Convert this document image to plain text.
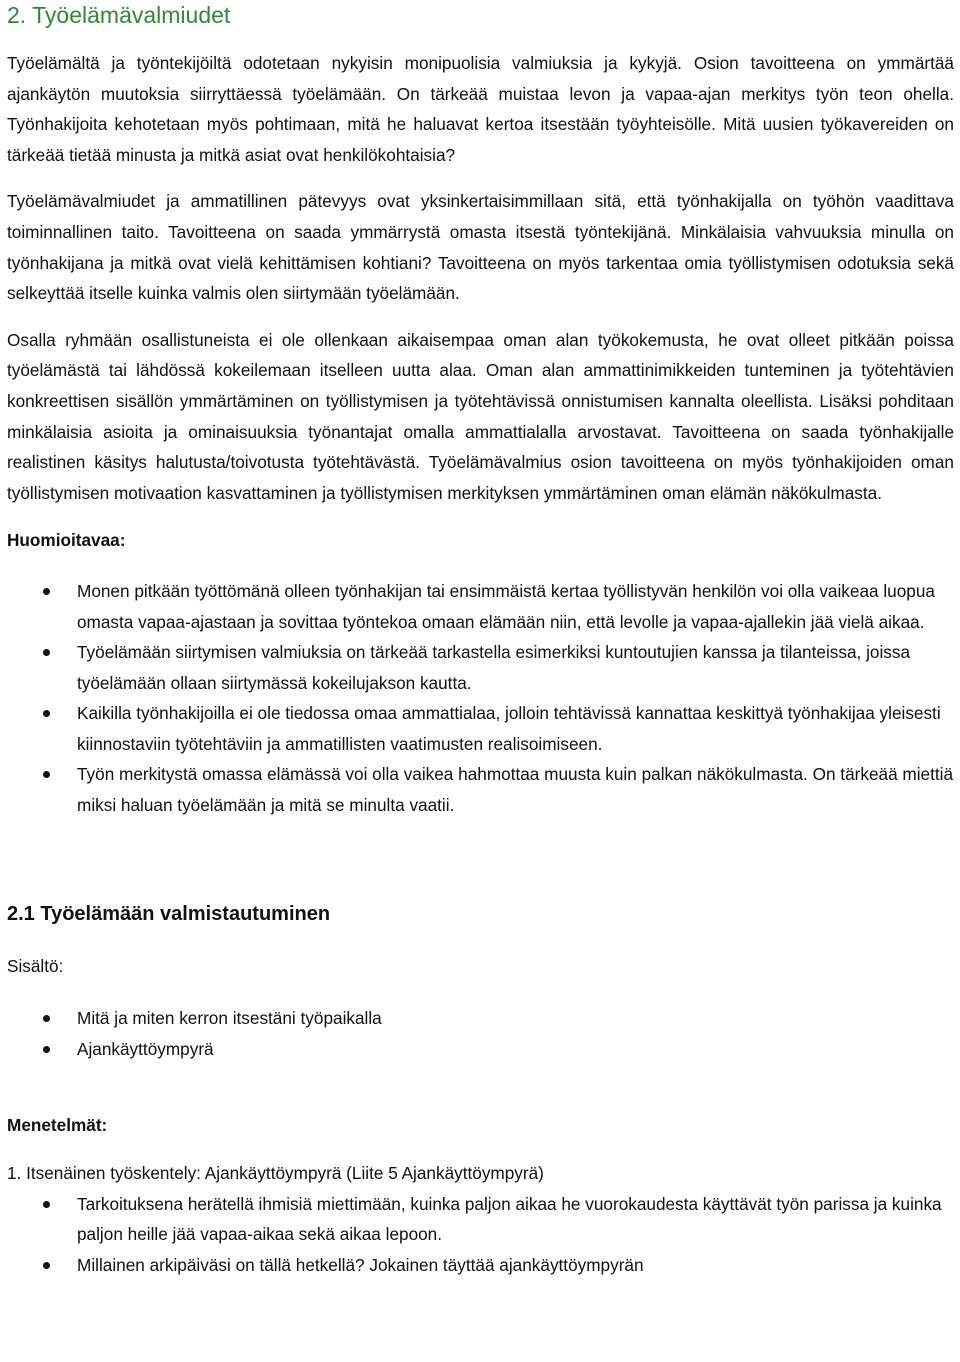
2. Työelämävalmiudet

Työelämältä ja työntekijöiltä odotetaan nykyisin monipuolisia valmiuksia ja kykyjä. Osion tavoitteena on ymmärtää ajankäytön muutoksia siirryttäessä työelämään. On tärkeää muistaa levon ja vapaa-ajan merkitys työn teon ohella. Työnhakijoita kehotetaan myös pohtimaan, mitä he haluavat kertoa itsestään työyhteisölle. Mitä uusien työkavereiden on tärkeää tietää minusta ja mitkä asiat ovat henkilökohtaisia?

Työelämävalmiudet ja ammatillinen pätevyys ovat yksinkertaisimmillaan sitä, että työnhakijalla on työhön vaadittava toiminnallinen taito. Tavoitteena on saada ymmärrystä omasta itsestä työntekijänä. Minkälaisia vahvuuksia minulla on työnhakijana ja mitkä ovat vielä kehittämisen kohtiani? Tavoitteena on myös tarkentaa omia työllistymisen odotuksia sekä selkeyttää itselle kuinka valmis olen siirtymään työelämään.

Osalla ryhmään osallistuneista ei ole ollenkaan aikaisempaa oman alan työkokemusta, he ovat olleet pitkään poissa työelämästä tai lähdössä kokeilemaan itselleen uutta alaa. Oman alan ammattinimikkeiden tunteminen ja työtehtävien konkreettisen sisällön ymmärtäminen on työllistymisen ja työtehtävissä onnistumisen kannalta oleellista. Lisäksi pohditaan minkälaisia asioita ja ominaisuuksia työnantajat omalla ammattialalla arvostavat. Tavoitteena on saada työnhakijalle realistinen käsitys halutusta/toivotusta työtehtävästä. Työelämävalmius osion tavoitteena on myös työnhakijoiden oman työllistymisen motivaation kasvattaminen ja työllistymisen merkityksen ymmärtäminen oman elämän näkökulmasta.

Huomioitavaa:
Monen pitkään työttömänä olleen työnhakijan tai ensimmäistä kertaa työllistyvän henkilön voi olla vaikeaa luopua omasta vapaa-ajastaan ja sovittaa työntekoa omaan elämään niin, että levolle ja vapaa-ajallekin jää vielä aikaa.
Työelämään siirtymisen valmiuksia on tärkeää tarkastella esimerkiksi kuntoutujien kanssa ja tilanteissa, joissa työelämään ollaan siirtymässä kokeilujakson kautta.
Kaikilla työnhakijoilla ei ole tiedossa omaa ammattialaa, jolloin tehtävissä kannattaa keskittyä työnhakijaa yleisesti kiinnostaviin työtehtäviin ja ammatillisten vaatimusten realisoimiseen.
Työn merkitystä omassa elämässä voi olla vaikea hahmottaa muusta kuin palkan näkökulmasta. On tärkeää miettiä miksi haluan työelämään ja mitä se minulta vaatii.
2.1 Työelämään valmistautuminen
Sisältö:
Mitä ja miten kerron itsestäni työpaikalla
Ajankäyttöympyrä
Menetelmät:
1. Itsenäinen työskentely: Ajankäyttöympyrä (Liite 5 Ajankäyttöympyrä)
Tarkoituksena herätellä ihmisiä miettimään, kuinka paljon aikaa he vuorokaudesta käyttävät työn parissa ja kuinka paljon heille jää vapaa-aikaa sekä aikaa lepoon.
Millainen arkipäiväsi on tällä hetkellä? Jokainen täyttää ajankäyttöympyrän
